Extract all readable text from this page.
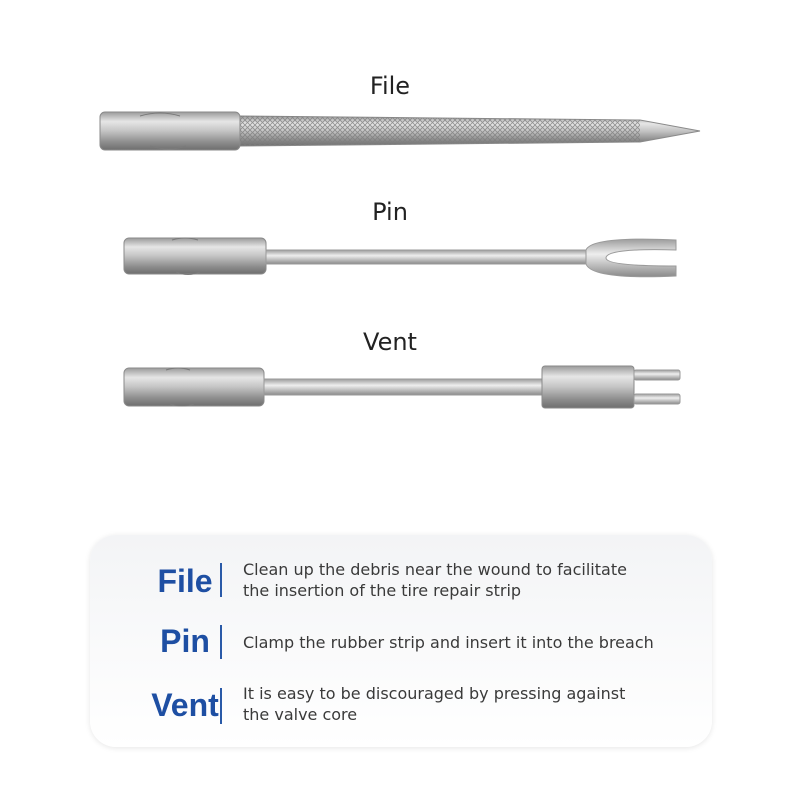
File
Pin
Vent
File	Clean up the debris near the wound to facilitate
the insertion of the tire repair strip
Pin	Clamp the rubber strip and insert it into the breach
Vent	It is easy to be discouraged by pressing against
the valve core
